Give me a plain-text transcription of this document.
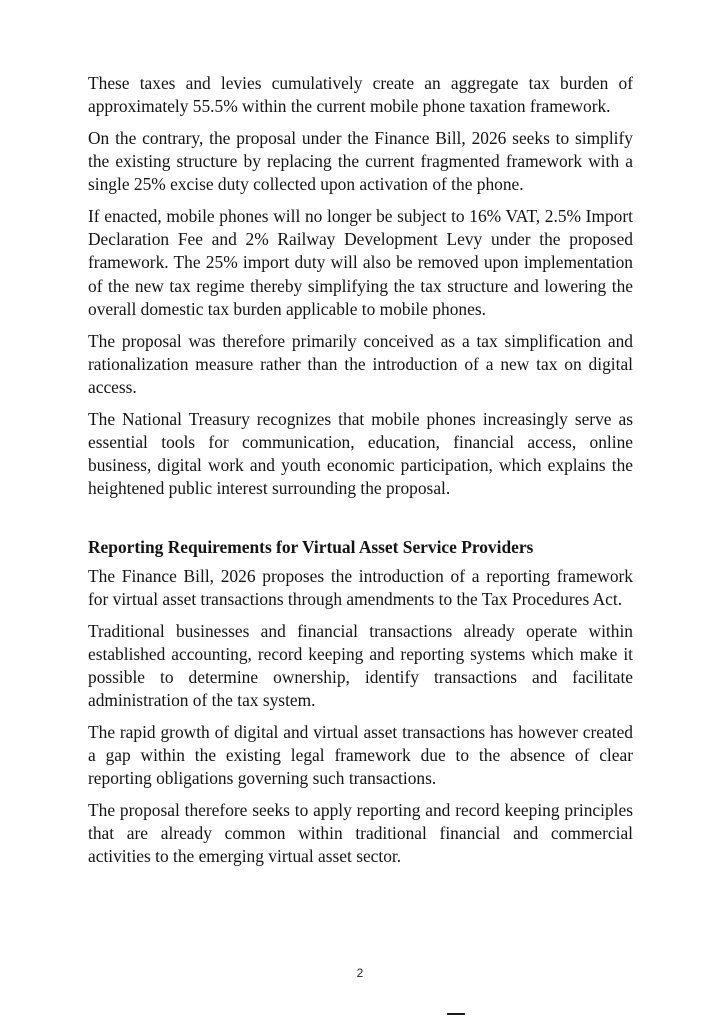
These taxes and levies cumulatively create an aggregate tax burden of approximately 55.5% within the current mobile phone taxation framework.

On the contrary, the proposal under the Finance Bill, 2026 seeks to simplify the existing structure by replacing the current fragmented framework with a single 25% excise duty collected upon activation of the phone.

If enacted, mobile phones will no longer be subject to 16% VAT, 2.5% Import Declaration Fee and 2% Railway Development Levy under the proposed framework. The 25% import duty will also be removed upon implementation of the new tax regime thereby simplifying the tax structure and lowering the overall domestic tax burden applicable to mobile phones.

The proposal was therefore primarily conceived as a tax simplification and rationalization measure rather than the introduction of a new tax on digital access.

The National Treasury recognizes that mobile phones increasingly serve as essential tools for communication, education, financial access, online business, digital work and youth economic participation, which explains the heightened public interest surrounding the proposal.

Reporting Requirements for Virtual Asset Service Providers

The Finance Bill, 2026 proposes the introduction of a reporting framework for virtual asset transactions through amendments to the Tax Procedures Act.

Traditional businesses and financial transactions already operate within established accounting, record keeping and reporting systems which make it possible to determine ownership, identify transactions and facilitate administration of the tax system.

The rapid growth of digital and virtual asset transactions has however created a gap within the existing legal framework due to the absence of clear reporting obligations governing such transactions.

The proposal therefore seeks to apply reporting and record keeping principles that are already common within traditional financial and commercial activities to the emerging virtual asset sector.

2
